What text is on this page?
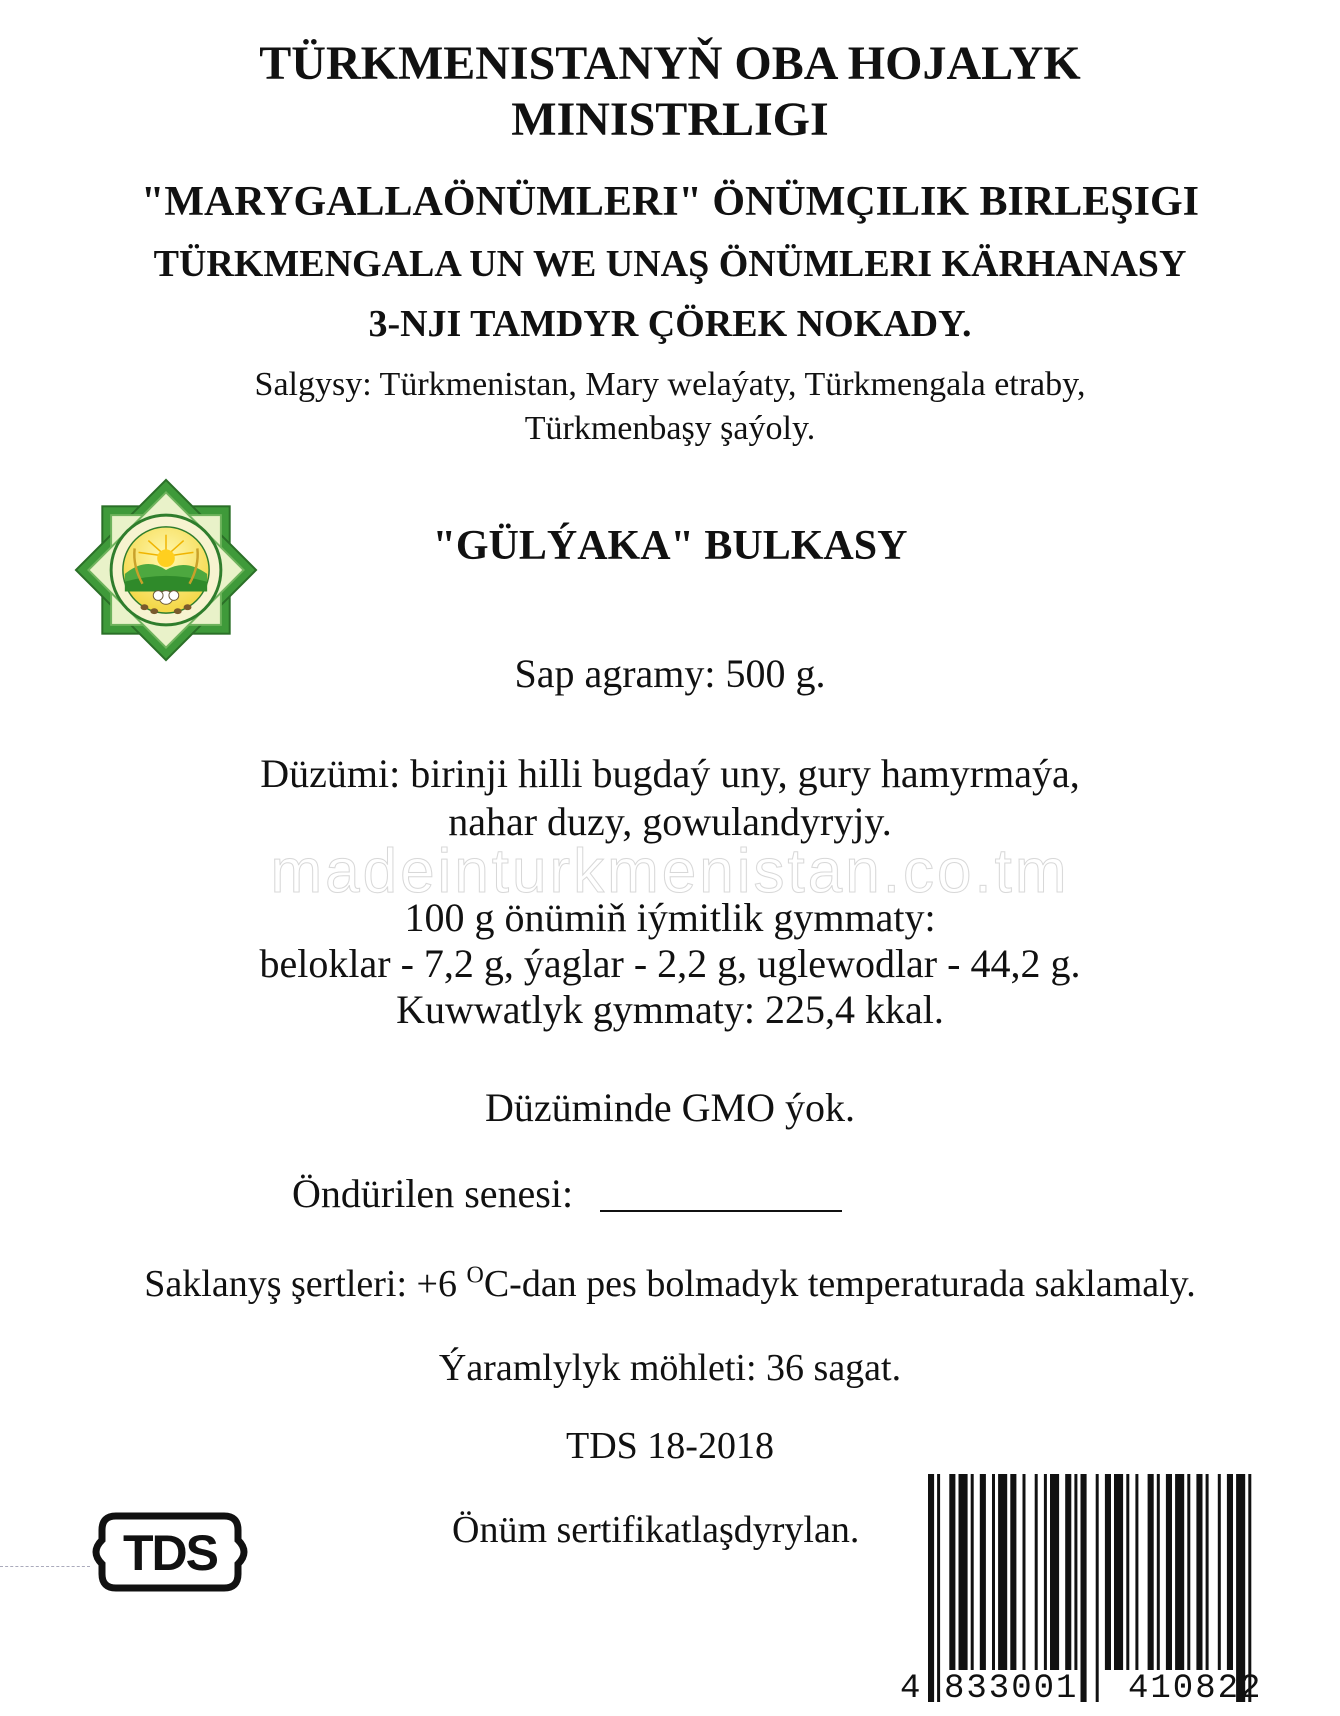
TÜRKMENISTANYŇ OBA HOJALYK
MINISTRLIGI
"MARYGALLAÖNÜMLERI" ÖNÜMÇILIK BIRLEŞIGI
TÜRKMENGALA UN WE UNAŞ ÖNÜMLERI KÄRHANASY
3-NJI TAMDYR ÇÖREK NOKADY.
Salgysy: Türkmenistan, Mary welaýaty, Türkmengala etraby,
Türkmenbaşy şaýoly.
"GÜLÝAKA" BULKASY
Sap agramy: 500 g.
Düzümi: birinji hilli bugdaý uny, gury hamyrmaýa,
nahar duzy, gowulandyryjy.
madeinturkmenistan.co.tm
100 g önümiň iýmitlik gymmaty:
beloklar - 7,2 g, ýaglar - 2,2 g, uglewodlar - 44,2 g.
Kuwwatlyk gymmaty: 225,4 kkal.
Düzüminde GMO ýok.
Öndürilen senesi:
Saklanyş şertleri: +6 $^O$C-dan pes bolmadyk temperaturada saklamaly.
Ýaramlylyk möhleti: 36 sagat.
TDS 18-2018
Önüm sertifikatlaşdyrylan.
TDS
4 833001 410822
